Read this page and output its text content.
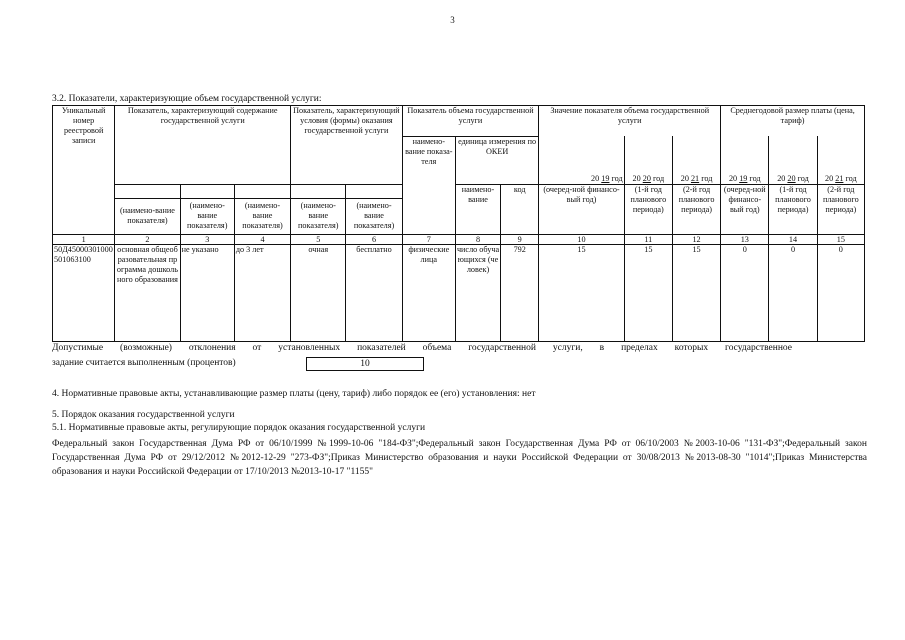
3
3.2. Показатели, характеризующие объем государственной услуги:
Уникальный номер реестровой записи	Показатель, характеризующий содержание государственной услуги			Показатель, характеризующий условия (формы) оказания государственной услуги		Показатель объема государственной услуги			Значение показателя объема государственной услуги			Среднегодовой размер платы (цена, тариф)		
						наимено-вание показа-теля	единица измерения по ОКЕИ		20 19 год	20 20 год	20 21 год	20 19 год	20 20 год	20 21 год
							наимено-вание	код	(очеред-ной финансо-вый год)	(1-й год планового периода)	(2-й год планового периода)	(очеред-ной финансо-вый год)	(1-й год планового периода)	(2-й год планового периода)
	(наимено-вание показателя)	(наимено-вание показателя)	(наимено-вание показателя)	(наимено-вание показателя)	(наимено-вание показателя)									
1	2	3	4	5	6	7	8	9	10	11	12	13	14	15
50Д45000301000501063100	основная общеобразовательная программа дошкольного образования	не указано	до 3 лет	очная	бесплатно	физические лица	число обучающихся (человек)	792	15	15	15	0	0	0
Допустимые (возможные) отклонения от установленных показателей объема государственной услуги, в пределах которых государственное
задание считается выполненным (процентов)	10
4. Нормативные правовые акты, устанавливающие размер платы (цену, тариф) либо порядок ее (его) установления: нет
5. Порядок оказания государственной услуги
5.1. Нормативные правовые акты, регулирующие порядок оказания государственной услуги
Федеральный закон Государственная Дума РФ от 06/10/1999 №1999-10-06 "184-ФЗ";Федеральный закон Государственная Дума РФ от 06/10/2003 №2003-10-06 "131-ФЗ";Федеральный закон Государственная Дума РФ от 29/12/2012 №2012-12-29 "273-ФЗ";Приказ Министерство образования и науки Российской Федерации от 30/08/2013 №2013-08-30 "1014";Приказ Министерства образования и науки Российской Федерации от 17/10/2013 №2013-10-17 "1155"
